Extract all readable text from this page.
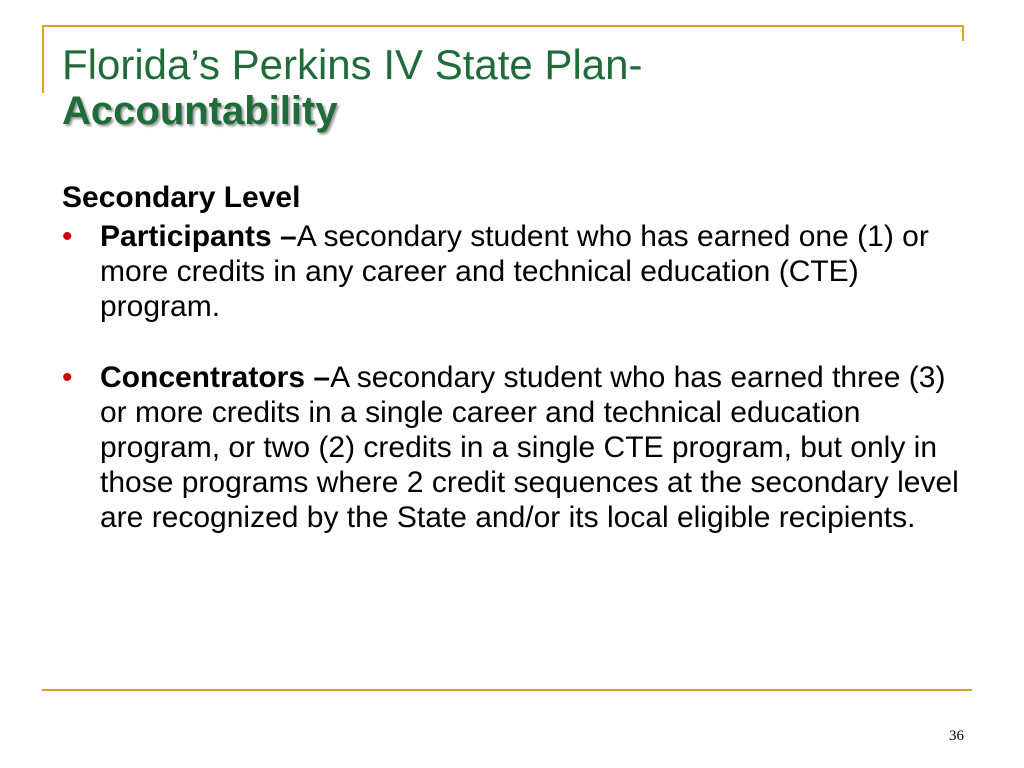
Florida’s Perkins IV State Plan-
Accountability
Secondary Level
• Participants –A secondary student who has earned one (1) or more credits in any career and technical education (CTE) program.
• Concentrators –A secondary student who has earned three (3) or more credits in a single career and technical education program, or two (2) credits in a single CTE program, but only in those programs where 2 credit sequences at the secondary level are recognized by the State and/or its local eligible recipients.
36
